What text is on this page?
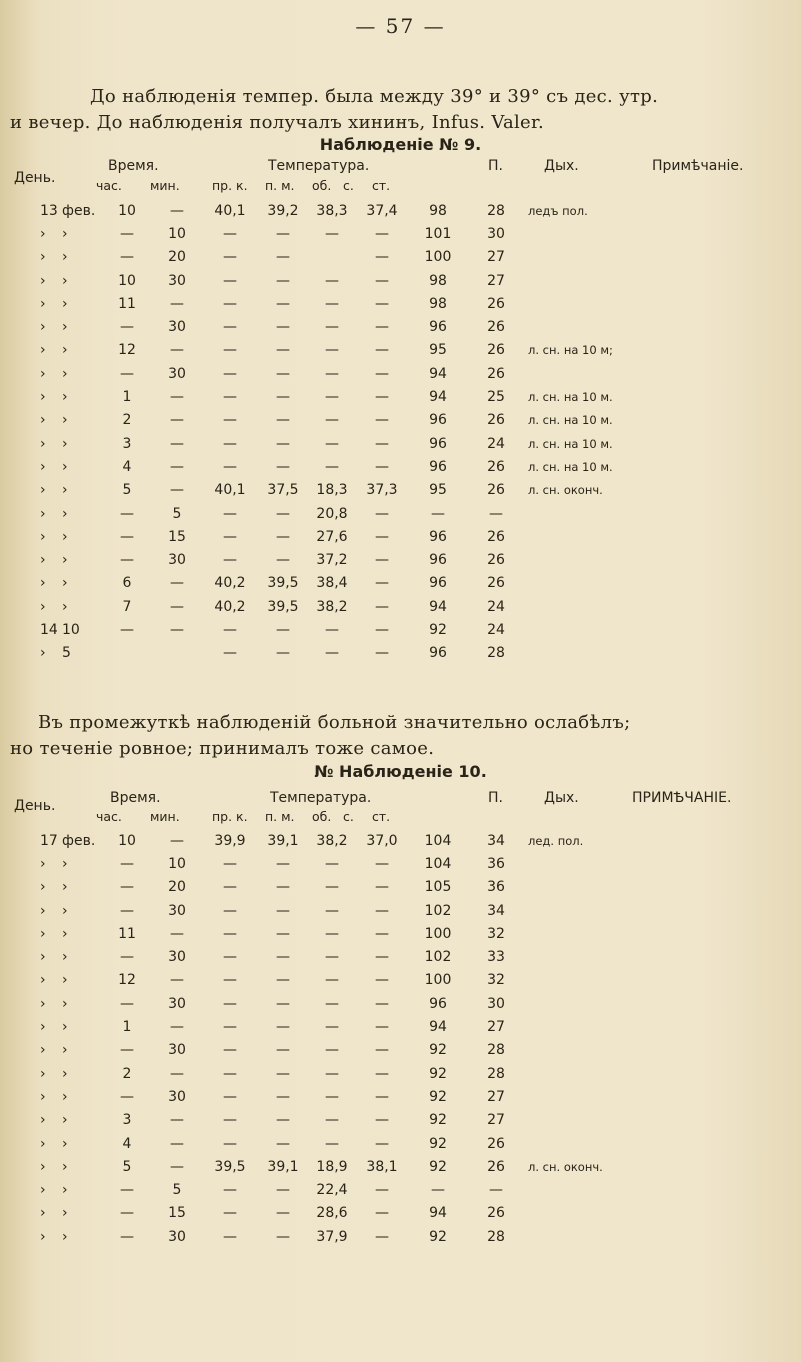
— 57 —
До наблюденія темпер. была между 39° и 39° съ дес. утр.
и вечер. До наблюденія получалъ хининъ, Infus. Valer.
Наблюденіе № 9.
День.
Время.
час. мин.
Температура.
пр. к. п. м. об. с. ст.
П.	Дых.	Примѣчаніе.
13	фев.	10	—	40,1	39,2	38,3	37,4	98	28	ледъ пол.
›	›	—	10	—	—	—	—	101	30	
›	›	—	20	—	—		—	100	27	
›	›	10	30	—	—	—	—	98	27	
›	›	11	—	—	—	—	—	98	26	
›	›	—	30	—	—	—	—	96	26	
›	›	12	—	—	—	—	—	95	26	л. сн. на 10 м;
›	›	—	30	—	—	—	—	94	26	
›	›	1	—	—	—	—	—	94	25	л. сн. на 10 м.
›	›	2	—	—	—	—	—	96	26	л. сн. на 10 м.
›	›	3	—	—	—	—	—	96	24	л. сн. на 10 м.
›	›	4	—	—	—	—	—	96	26	л. сн. на 10 м.
›	›	5	—	40,1	37,5	18,3	37,3	95	26	л. сн. оконч.
›	›	—	5	—	—	20,8	—	—	—	
›	›	—	15	—	—	27,6	—	96	26	
›	›	—	30	—	—	37,2	—	96	26	
›	›	6	—	40,2	39,5	38,4	—	96	26	
›	›	7	—	40,2	39,5	38,2	—	94	24	
14	10	—	—	—	—	—	—	92	24	
›	5			—	—	—	—	96	28	
Въ промежуткѣ наблюденій больной значительно ослабѣлъ;
но теченіе ровное; принималъ тоже самое.
№ Наблюденіе 10.
День.	Время.
час. мин.
Температура.
пр. к. п. м. об. с. ст.
П.	Дых.	ПРИМѢЧАНІЕ.
17	фев.	10	—	39,9	39,1	38,2	37,0	104	34	лед. пол.
›	›	—	10	—	—	—	—	104	36	
›	›	—	20	—	—	—	—	105	36	
›	›	—	30	—	—	—	—	102	34	
›	›	11	—	—	—	—	—	100	32	
›	›	—	30	—	—	—	—	102	33	
›	›	12	—	—	—	—	—	100	32	
›	›	—	30	—	—	—	—	96	30	
›	›	1	—	—	—	—	—	94	27	
›	›	—	30	—	—	—	—	92	28	
›	›	2	—	—	—	—	—	92	28	
›	›	—	30	—	—	—	—	92	27	
›	›	3	—	—	—	—	—	92	27	
›	›	4	—	—	—	—	—	92	26	
›	›	5	—	39,5	39,1	18,9	38,1	92	26	л. сн. оконч.
›	›	—	5	—	—	22,4	—	—	—	
›	›	—	15	—	—	28,6	—	94	26	
›	›	—	30	—	—	37,9	—	92	28	
